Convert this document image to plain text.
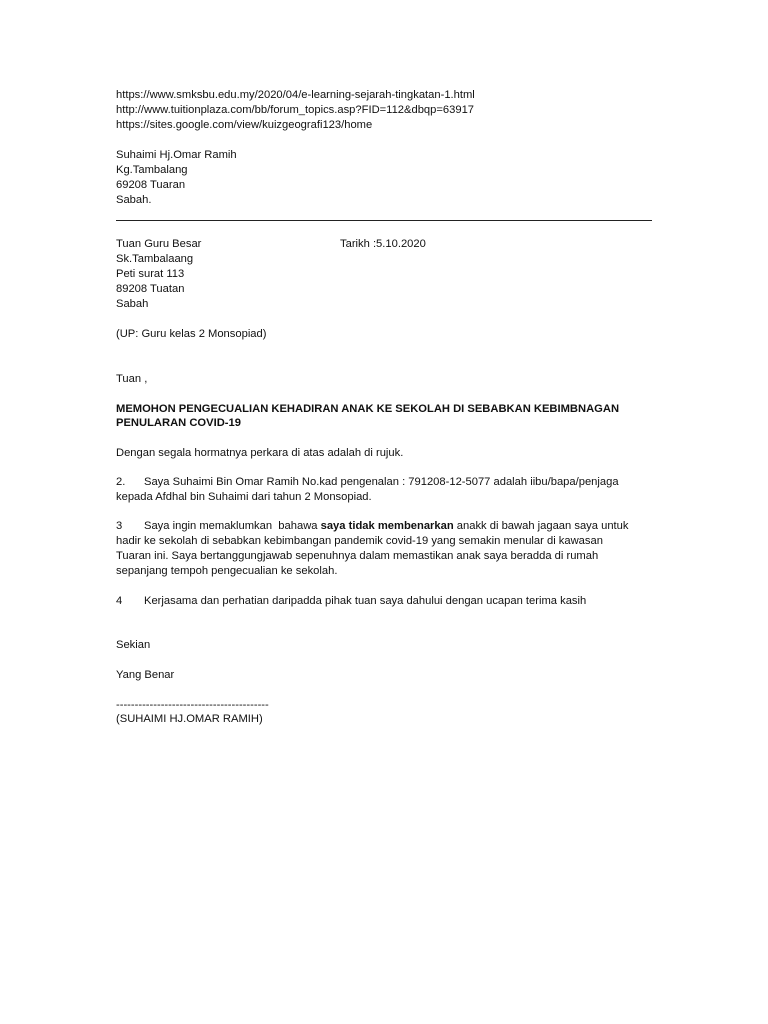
https://www.smksbu.edu.my/2020/04/e-learning-sejarah-tingkatan-1.html
http://www.tuitionplaza.com/bb/forum_topics.asp?FID=112&dbqp=63917
https://sites.google.com/view/kuizgeografi123/home
Suhaimi Hj.Omar Ramih
Kg.Tambalang
69208 Tuaran
Sabah.
Tuan Guru Besar	Tarikh :5.10.2020
Sk.Tambalaang
Peti surat 113
89208 Tuatan
Sabah
(UP: Guru kelas 2 Monsopiad)
Tuan ,
MEMOHON PENGECUALIAN KEHADIRAN ANAK KE SEKOLAH DI SEBABKAN KEBIMBNAGAN
PENULARAN COVID-19
Dengan segala hormatnya perkara di atas adalah di rujuk.
2. Saya Suhaimi Bin Omar Ramih No.kad pengenalan : 791208-12-5077 adalah iibu/bapa/penjaga
kepada Afdhal bin Suhaimi dari tahun 2 Monsopiad.
3 Saya ingin memaklumkan  bahawa saya tidak membenarkan anakk di bawah jagaan saya untuk
hadir ke sekolah di sebabkan kebimbangan pandemik covid-19 yang semakin menular di kawasan
Tuaran ini. Saya bertanggungjawab sepenuhnya dalam memastikan anak saya beradda di rumah
sepanjang tempoh pengecualian ke sekolah.
4 Kerjasama dan perhatian daripadda pihak tuan saya dahului dengan ucapan terima kasih
Sekian
Yang Benar
-----------------------------------------
(SUHAIMI HJ.OMAR RAMIH)
